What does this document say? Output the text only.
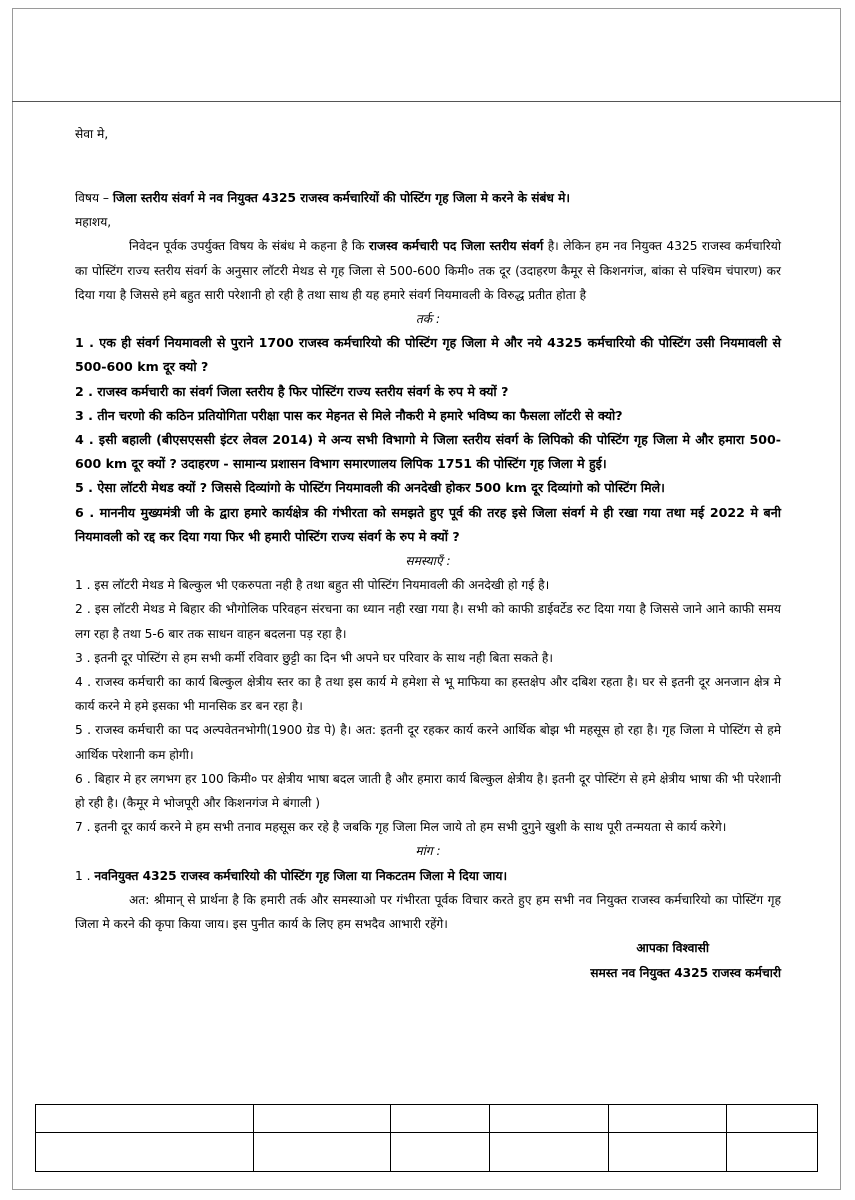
सेवा मे,

विषय – जिला स्तरीय संवर्ग मे नव नियुक्त 4325 राजस्व कर्मचारियों की पोस्टिंग गृह जिला मे करने के संबंध मे।

महाशय,

निवेदन पूर्वक उपर्युक्त विषय के संबंध मे कहना है कि राजस्व कर्मचारी पद जिला स्तरीय संवर्ग है। लेकिन हम नव नियुक्त 4325 राजस्व कर्मचारियो का पोस्टिंग राज्य स्तरीय संवर्ग के अनुसार लॉटरी मेथड से गृह जिला से 500-600 किमी० तक दूर (उदाहरण कैमूर से किशनगंज, बांका से पश्चिम चंपारण) कर दिया गया है जिससे हमे बहुत सारी परेशानी हो रही है तथा साथ ही यह हमारे संवर्ग नियमावली के विरुद्ध प्रतीत होता है

तर्क :

1 . एक ही संवर्ग नियमावली से पुराने 1700 राजस्व कर्मचारियो की पोस्टिंग गृह जिला मे और नये 4325 कर्मचारियो की पोस्टिंग उसी नियमावली से 500-600 km दूर क्यो ?

2 . राजस्व कर्मचारी का संवर्ग जिला स्तरीय है फिर पोस्टिंग राज्य स्तरीय संवर्ग के रुप मे क्यों ?

3 . तीन चरणो की कठिन प्रतियोगिता परीक्षा पास कर मेहनत से मिले नौकरी मे हमारे भविष्य का फैसला लॉटरी से क्यो?

4 . इसी बहाली (बीएसएससी इंटर लेवल 2014) मे अन्य सभी विभागो मे जिला स्तरीय संवर्ग के लिपिको की पोस्टिंग गृह जिला मे और हमारा 500-600 km दूर क्यों ? उदाहरण - सामान्य प्रशासन विभाग समारणालय लिपिक 1751 की पोस्टिंग गृह जिला मे हुई।

5 . ऐसा लॉटरी मेथड क्यों ? जिससे दिव्यांगो के पोस्टिंग नियमावली की अनदेखी होकर 500 km दूर दिव्यांगो को पोस्टिंग मिले।

6 . माननीय मुख्यमंत्री जी के द्वारा हमारे कार्यक्षेत्र की गंभीरता को समझते हुए पूर्व की तरह इसे जिला संवर्ग मे ही रखा गया तथा मई 2022 मे बनी नियमावली को रद्द कर दिया गया फिर भी हमारी पोस्टिंग राज्य संवर्ग के रुप मे क्यों ?

समस्याएँ :

1 . इस लॉटरी मेथड मे बिल्कुल भी एकरुपता नही है तथा बहुत सी पोस्टिंग नियमावली की अनदेखी हो गई है।

2 . इस लॉटरी मेथड मे बिहार की भौगोलिक परिवहन संरचना का ध्यान नही रखा गया है। सभी को काफी डाईवर्टेड रुट दिया गया है जिससे जाने आने काफी समय लग रहा है तथा 5-6 बार तक साधन वाहन बदलना पड़ रहा है।

3 . इतनी दूर पोस्टिंग से हम सभी कर्मी रविवार छुट्टी का दिन भी अपने घर परिवार के साथ नही बिता सकते है।

4 . राजस्व कर्मचारी का कार्य बिल्कुल क्षेत्रीय स्तर का है तथा इस कार्य मे हमेशा से भू माफिया का हस्तक्षेप और दबिश रहता है। घर से इतनी दूर अनजान क्षेत्र मे कार्य करने मे हमे इसका भी मानसिक डर बन रहा है।

5 . राजस्व कर्मचारी का पद अल्पवेतनभोगी(1900 ग्रेड पे) है। अत: इतनी दूर रहकर कार्य करने आर्थिक बोझ भी महसूस हो रहा है। गृह जिला मे पोस्टिंग से हमे आर्थिक परेशानी कम होगी।

6 . बिहार मे हर लगभग हर 100 किमी० पर क्षेत्रीय भाषा बदल जाती है और हमारा कार्य बिल्कुल क्षेत्रीय है। इतनी दूर पोस्टिंग से हमे क्षेत्रीय भाषा की भी परेशानी हो रही है। (कैमूर मे भोजपूरी और किशनगंज मे बंगाली )

7 . इतनी दूर कार्य करने मे हम सभी तनाव महसूस कर रहे है जबकि गृह जिला मिल जाये तो हम सभी दुगुने खुशी के साथ पूरी तन्मयता से कार्य करेगे।

मांग :

1 . नवनियुक्त 4325 राजस्व कर्मचारियो की पोस्टिंग गृह जिला या निकटतम जिला मे दिया जाय।

अत: श्रीमान् से प्रार्थना है कि हमारी तर्क और समस्याओ पर गंभीरता पूर्वक विचार करते हुए हम सभी नव नियुक्त राजस्व कर्मचारियो का पोस्टिंग गृह जिला मे करने की कृपा किया जाय। इस पुनीत कार्य के लिए हम सभदैव आभारी रहेंगे।

आपका विश्वासी

समस्त नव नियुक्त 4325 राजस्व कर्मचारी
